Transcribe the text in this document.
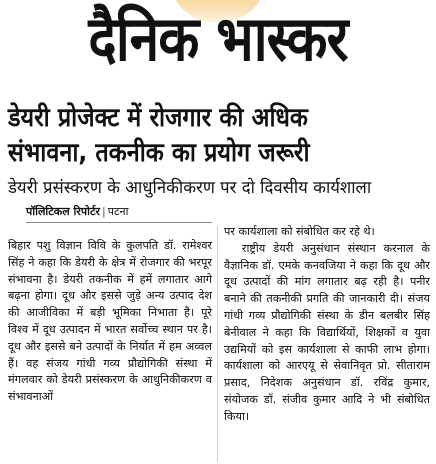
दैनिक भास्कर
डेयरी प्रोजेक्ट में रोजगार की अधिक
संभावना, तकनीक का प्रयोग जरूरी
डेयरी प्रसंस्करण के आधुनिकीकरण पर दो दिवसीय कार्यशाला
पॉलिटिकल रिपोर्टर | पटना

बिहार पशु विज्ञान विवि के कुलपति डॉ. रामेश्वर सिंह ने कहा कि डेयरी के क्षेत्र में रोजगार की भरपूर संभावना है। डेयरी तकनीक में हमें लगातार आगे बढ़ना होगा। दूध और इससे जुड़े अन्य उत्पाद देश की आजीविका में बड़ी भूमिका निभाता है। पूरे विश्व में दूध उत्पादन में भारत सर्वोच्च स्थान पर है। दूध और इससे बने उत्पादों के निर्यात में हम अव्वल हैं। वह संजय गांधी गव्य प्रौद्योगिकी संस्था में मंगलवार को डेयरी प्रसंस्करण के आधुनिकीकरण व संभावनाओं

पर कार्यशाला को संबोधित कर रहे थे।

राष्ट्रीय डेयरी अनुसंधान संस्थान करनाल के वैज्ञानिक डॉ. एमके कनवजिया ने कहा कि दूध और दूध उत्पादों की मांग लगातार बढ़ रही है। पनीर बनाने की तकनीकी प्रगति की जानकारी दी। संजय गांधी गव्य प्रौद्योगिकी संस्था के डीन बलबीर सिंह बेनीवाल ने कहा कि विद्यार्थियों, शिक्षकों व युवा उद्यमियों को इस कार्यशाला से काफी लाभ होगा। कार्यशाला को आरएयू से सेवानिवृत प्रो. सीताराम प्रसाद, निदेशक अनुसंधान डॉ. रविंद्र कुमार, संयोजक डॉ. संजीव कुमार आदि ने भी संबोधित किया।
